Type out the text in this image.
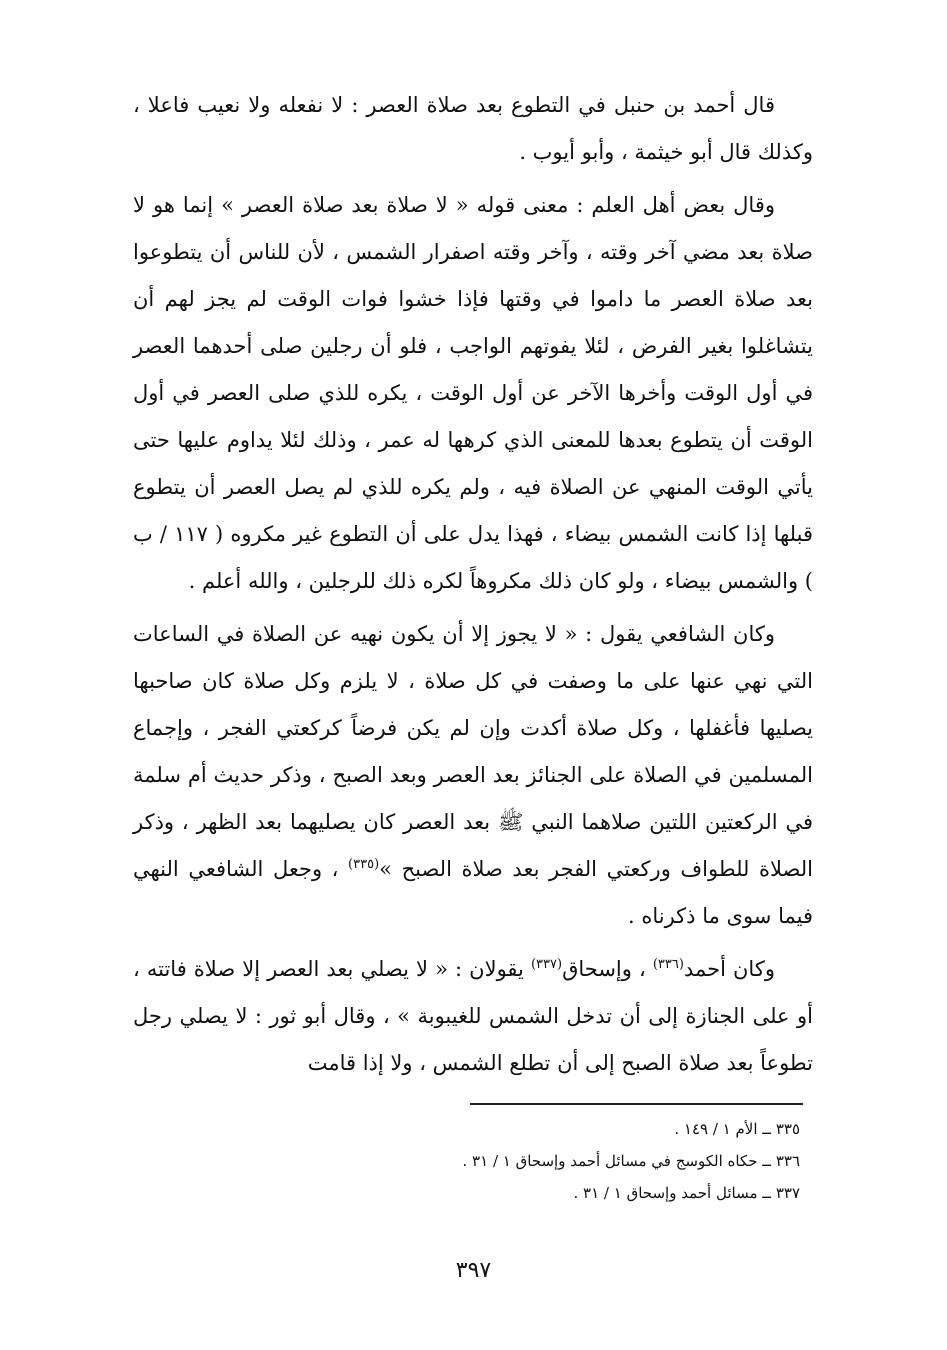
قال أحمد بن حنبل في التطوع بعد صلاة العصر : لا نفعله ولا نعيب فاعلا ، وكذلك قال أبو خيثمة ، وأبو أيوب .

وقال بعض أهل العلم : معنى قوله « لا صلاة بعد صلاة العصر » إنما هو لا صلاة بعد مضي آخر وقته ، وآخر وقته اصفرار الشمس ، لأن للناس أن يتطوعوا بعد صلاة العصر ما داموا في وقتها فإذا خشوا فوات الوقت لم يجز لهم أن يتشاغلوا بغير الفرض ، لئلا يفوتهم الواجب ، فلو أن رجلين صلى أحدهما العصر في أول الوقت وأخرها الآخر عن أول الوقت ، يكره للذي صلى العصر في أول الوقت أن يتطوع بعدها للمعنى الذي كرهها له عمر ، وذلك لئلا يداوم عليها حتى يأتي الوقت المنهي عن الصلاة فيه ، ولم يكره للذي لم يصل العصر أن يتطوع قبلها إذا كانت الشمس بيضاء ، فهذا يدل على أن التطوع غير مكروه ( ١١٧ / ب ) والشمس بيضاء ، ولو كان ذلك مكروهاً لكره ذلك للرجلين ، والله أعلم .

وكان الشافعي يقول : « لا يجوز إلا أن يكون نهيه عن الصلاة في الساعات التي نهي عنها على ما وصفت في كل صلاة ، لا يلزم وكل صلاة كان صاحبها يصليها فأغفلها ، وكل صلاة أكدت وإن لم يكن فرضاً كركعتي الفجر ، وإجماع المسلمين في الصلاة على الجنائز بعد العصر وبعد الصبح ، وذكر حديث أم سلمة في الركعتين اللتين صلاهما النبي ﷺ بعد العصر كان يصليهما بعد الظهر ، وذكر الصلاة للطواف وركعتي الفجر بعد صلاة الصبح »$^{(٣٣٥)}$ ، وجعل الشافعي النهي فيما سوى ما ذكرناه .

وكان أحمد$^{(٣٣٦)}$ ، وإسحاق$^{(٣٣٧)}$ يقولان : « لا يصلي بعد العصر إلا صلاة فاتته ، أو على الجنازة إلى أن تدخل الشمس للغيبوبة » ، وقال أبو ثور : لا يصلي رجل تطوعاً بعد صلاة الصبح إلى أن تطلع الشمس ، ولا إذا قامت

٣٣٥ ــ الأم ١ / ١٤٩ .

٣٣٦ ــ حكاه الكوسج في مسائل أحمد وإسحاق ١ / ٣١ .

٣٣٧ ــ مسائل أحمد وإسحاق ١ / ٣١ .

٣٩٧
